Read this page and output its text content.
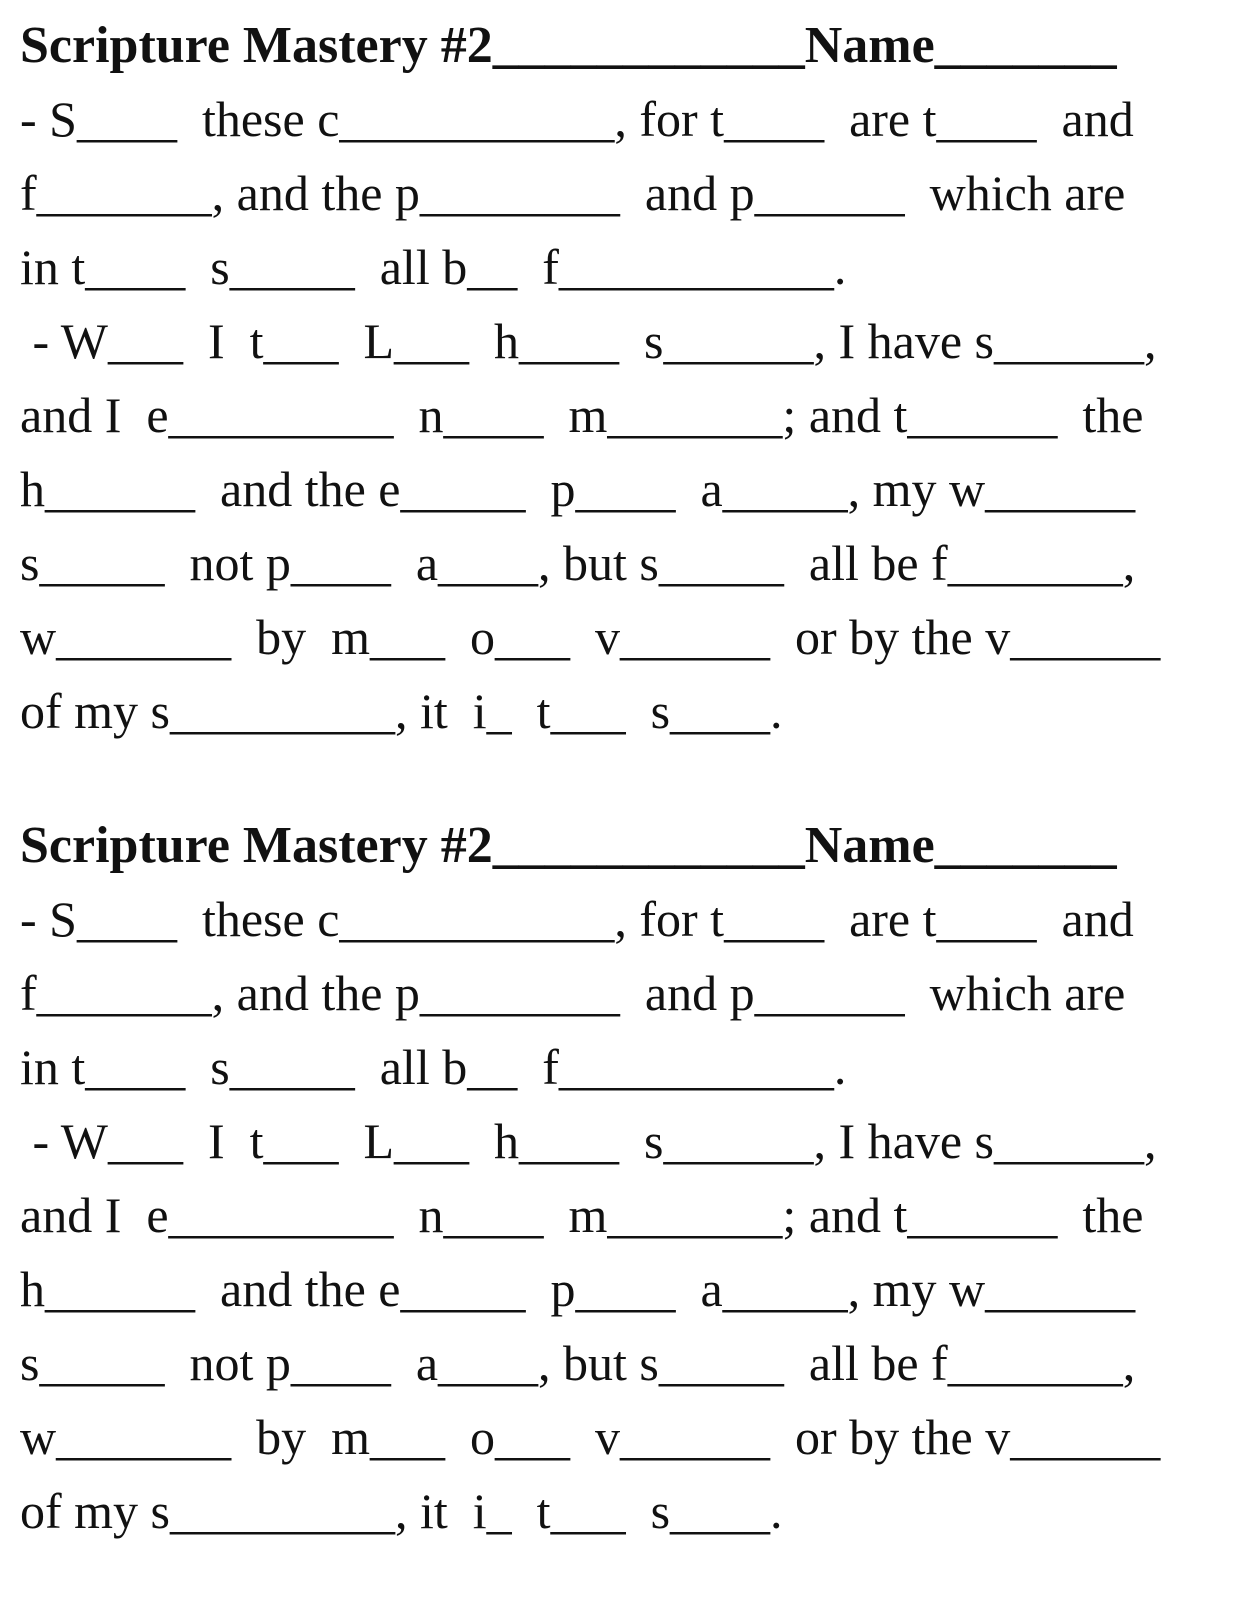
Scripture Mastery #2____________Name_______
- S____  these c___________, for t____  are t____  and
f_______, and the p________  and p______  which are
in t____  s_____  all b__  f___________.
- W___  I  t___  L___  h____  s______, I have s______,
and I  e_________  n____  m_______; and t______  the
h______  and the e_____  p____  a_____, my w______
s_____  not p____  a____, but s_____  all be f_______,
w_______  by  m___  o___  v______  or by the v______
of my s_________, it  i_  t___  s____.
Scripture Mastery #2____________Name_______
- S____  these c___________, for t____  are t____  and
f_______, and the p________  and p______  which are
in t____  s_____  all b__  f___________.
- W___  I  t___  L___  h____  s______, I have s______,
and I  e_________  n____  m_______; and t______  the
h______  and the e_____  p____  a_____, my w______
s_____  not p____  a____, but s_____  all be f_______,
w_______  by  m___  o___  v______  or by the v______
of my s_________, it  i_  t___  s____.
